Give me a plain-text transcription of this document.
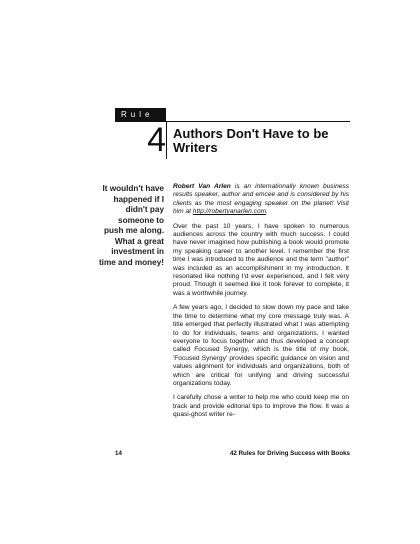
Rule
4 Authors Don't Have to be Writers
It wouldn't have happened if I didn't pay someone to push me along. What a great investment in time and money!

Robert Van Arlen is an internationally known business results speaker, author and emcee and is considered by his clients as the most engaging speaker on the planet! Visit him at http://robertvanarlen.com.

Over the past 10 years, I have spoken to numerous audiences across the country with much success. I could have never imagined how publishing a book would promote my speaking career to another level. I remember the first time I was introduced to the audience and the term "author" was included as an accomplishment in my introduction. It resonated like nothing I'd ever experienced, and I felt very proud. Though it seemed like it took forever to complete, it was a worthwhile journey.

A few years ago, I decided to slow down my pace and take the time to determine what my core message truly was. A title emerged that perfectly illustrated what I was attempting to do for individuals, teams and organizations. I wanted everyone to focus together and thus developed a concept called Focused Synergy, which is the title of my book, 'Focused Synergy' provides specific guidance on vision and values alignment for individuals and organizations, both of which are critical for unifying and driving successful organizations today.

I carefully chose a writer to help me who could keep me on track and provide editorial tips to improve the flow. It was a quasi-ghost writer re-

14	42 Rules for Driving Success with Books
